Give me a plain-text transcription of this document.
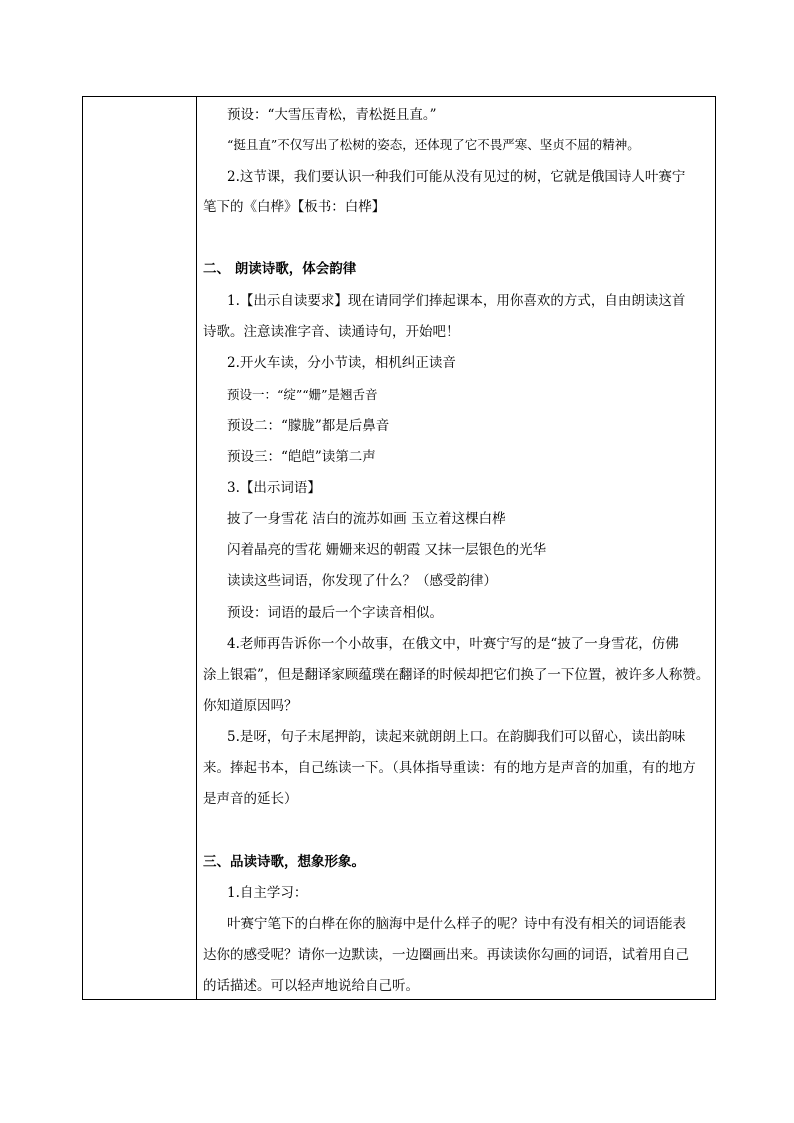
预设：“大雪压青松，青松挺且直。”
“挺且直”不仅写出了松树的姿态，还体现了它不畏严寒、坚贞不屈的精神。
2.这节课，我们要认识一种我们可能从没有见过的树，它就是俄国诗人叶赛宁
笔下的《白桦》【板书：白桦】
二、 朗读诗歌，体会韵律
1.【出示自读要求】现在请同学们捧起课本，用你喜欢的方式，自由朗读这首
诗歌。注意读准字音、读通诗句，开始吧！
2.开火车读，分小节读，相机纠正读音
预设一：“绽”“姗”是翘舌音
预设二：“朦胧”都是后鼻音
预设三：“皑皑”读第二声
3.【出示词语】
披了一身雪花 洁白的流苏如画 玉立着这棵白桦
闪着晶亮的雪花 姗姗来迟的朝霞 又抹一层银色的光华
读读这些词语，你发现了什么？（感受韵律）
预设：词语的最后一个字读音相似。
4.老师再告诉你一个小故事，在俄文中，叶赛宁写的是“披了一身雪花，仿佛
涂上银霜”，但是翻译家顾蕴璞在翻译的时候却把它们换了一下位置，被许多人称赞。
你知道原因吗？
5.是呀，句子末尾押韵，读起来就朗朗上口。在韵脚我们可以留心，读出韵味
来。捧起书本，自己练读一下。（具体指导重读：有的地方是声音的加重，有的地方
是声音的延长）
三、品读诗歌，想象形象。
1.自主学习：
叶赛宁笔下的白桦在你的脑海中是什么样子的呢？诗中有没有相关的词语能表
达你的感受呢？请你一边默读，一边圈画出来。再读读你勾画的词语，试着用自己
的话描述。可以轻声地说给自己听。
